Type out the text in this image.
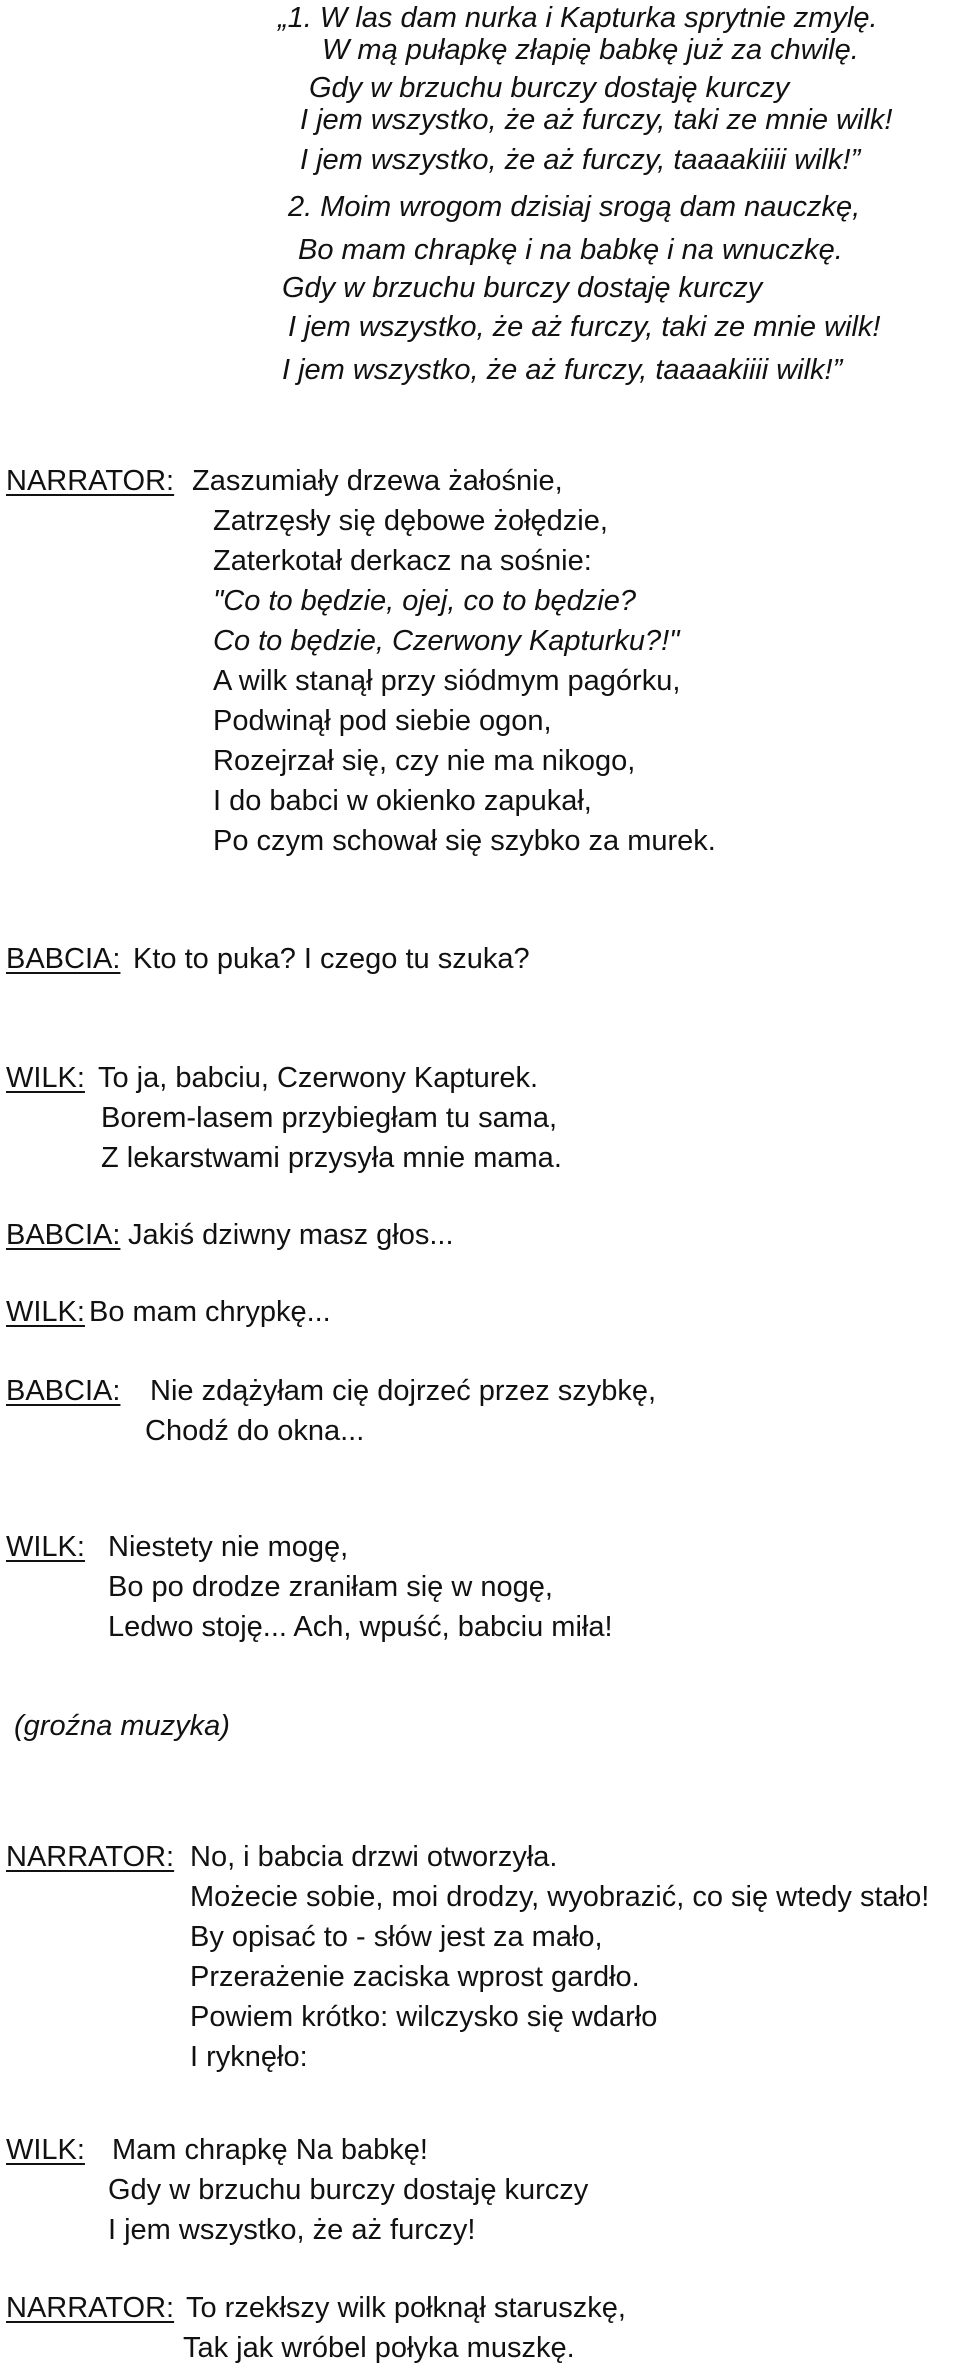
„1. W las dam nurka i Kapturka sprytnie zmylę.
W mą pułapkę złapię babkę już za chwilę.
Gdy w brzuchu burczy dostaję kurczy
I jem wszystko, że aż furczy, taki ze mnie wilk!
I jem wszystko, że aż furczy, taaaakiiii wilk!”
2. Moim wrogom dzisiaj srogą dam nauczkę,
Bo mam chrapkę i na babkę i na wnuczkę.
Gdy w brzuchu burczy dostaję kurczy
I jem wszystko, że aż furczy, taki ze mnie wilk!
I jem wszystko, że aż furczy, taaaakiiii wilk!”
NARRATOR: Zaszumiały drzewa żałośnie,
Zatrzęsły się dębowe żołędzie,
Zaterkotał derkacz na sośnie:
"Co to będzie, ojej, co to będzie?
Co to będzie, Czerwony Kapturku?!"
A wilk stanął przy siódmym pagórku,
Podwinął pod siebie ogon,
Rozejrzał się, czy nie ma nikogo,
I do babci w okienko zapukał,
Po czym schował się szybko za murek.
BABCIA: Kto to puka? I czego tu szuka?
WILK: To ja, babciu, Czerwony Kapturek.
Borem-lasem przybiegłam tu sama,
Z lekarstwami przysyła mnie mama.
BABCIA: Jakiś dziwny masz głos...
WILK: Bo mam chrypkę...
BABCIA: Nie zdążyłam cię dojrzeć przez szybkę,
Chodź do okna...
WILK: Niestety nie mogę,
Bo po drodze zraniłam się w nogę,
Ledwo stoję... Ach, wpuść, babciu miła!
(groźna muzyka)
NARRATOR: No, i babcia drzwi otworzyła.
Możecie sobie, moi drodzy, wyobrazić, co się wtedy stało!
By opisać to - słów jest za mało,
Przerażenie zaciska wprost gardło.
Powiem krótko: wilczysko się wdarło
I ryknęło:
WILK: Mam chrapkę Na babkę!
Gdy w brzuchu burczy dostaję kurczy
I jem wszystko, że aż furczy!
NARRATOR: To rzekłszy wilk połknął staruszkę,
Tak jak wróbel połyka muszkę.
